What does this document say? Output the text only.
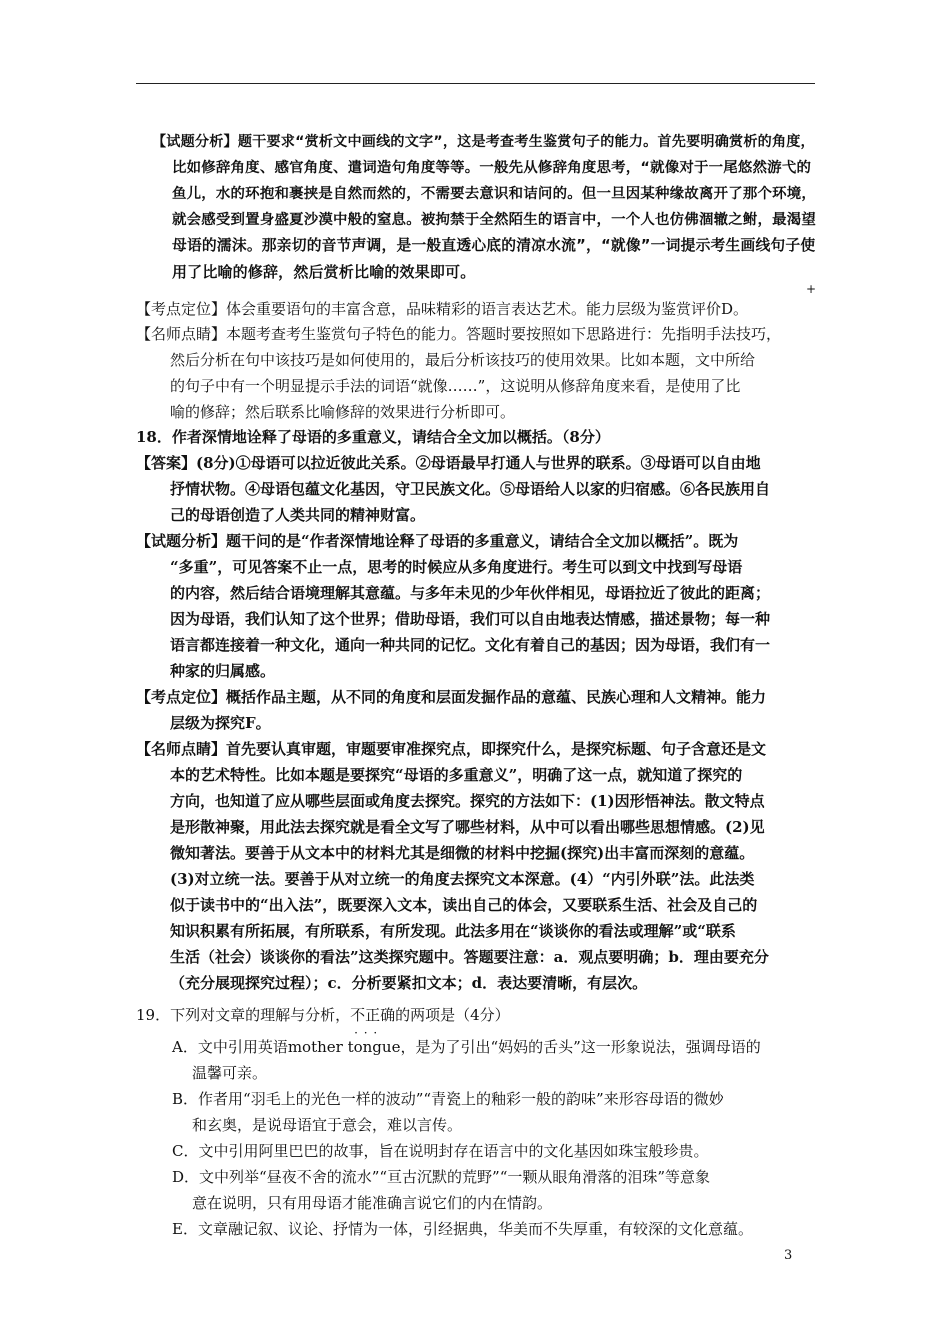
【试题分析】题干要求“赏析文中画线的文字”，这是考查考生鉴赏句子的能力。首先要明确赏析的角度，
比如修辞角度、感官角度、遣词造句角度等等。一般先从修辞角度思考，“就像对于一尾悠然游弋的
鱼儿，水的环抱和裹挟是自然而然的，不需要去意识和诘问的。但一旦因某种缘故离开了那个环境，
就会感受到置身盛夏沙漠中般的窒息。被拘禁于全然陌生的语言中，一个人也仿佛涸辙之鲋，最渴望
母语的濡沫。那亲切的音节声调，是一般直透心底的清凉水流”，“就像”一词提示考生画线句子使
用了比喻的修辞，然后赏析比喻的效果即可。
+
【考点定位】体会重要语句的丰富含意，品味精彩的语言表达艺术。能力层级为鉴赏评价D。
【名师点睛】本题考查考生鉴赏句子特色的能力。答题时要按照如下思路进行：先指明手法技巧，
然后分析在句中该技巧是如何使用的，最后分析该技巧的使用效果。比如本题，文中所给
的句子中有一个明显提示手法的词语“就像……”，这说明从修辞角度来看，是使用了比
喻的修辞；然后联系比喻修辞的效果进行分析即可。
18．作者深情地诠释了母语的多重意义，请结合全文加以概括。（8分）
【答案】(8分)①母语可以拉近彼此关系。②母语最早打通人与世界的联系。③母语可以自由地
抒情状物。④母语包蕴文化基因，守卫民族文化。⑤母语给人以家的归宿感。⑥各民族用自
己的母语创造了人类共同的精神财富。
【试题分析】题干问的是“作者深情地诠释了母语的多重意义，请结合全文加以概括”。既为
“多重”，可见答案不止一点，思考的时候应从多角度进行。考生可以到文中找到写母语
的内容，然后结合语境理解其意蕴。与多年未见的少年伙伴相见，母语拉近了彼此的距离；
因为母语，我们认知了这个世界；借助母语，我们可以自由地表达情感，描述景物；每一种
语言都连接着一种文化，通向一种共同的记忆。文化有着自己的基因；因为母语，我们有一
种家的归属感。
【考点定位】概括作品主题，从不同的角度和层面发掘作品的意蕴、民族心理和人文精神。能力
层级为探究F。
【名师点睛】首先要认真审题，审题要审准探究点，即探究什么，是探究标题、句子含意还是文
本的艺术特性。比如本题是要探究“母语的多重意义”，明确了这一点，就知道了探究的
方向，也知道了应从哪些层面或角度去探究。探究的方法如下：(1)因形悟神法。散文特点
是形散神聚，用此法去探究就是看全文写了哪些材料，从中可以看出哪些思想情感。(2)见
微知著法。要善于从文本中的材料尤其是细微的材料中挖掘(探究)出丰富而深刻的意蕴。
(3)对立统一法。要善于从对立统一的角度去探究文本深意。(4）“内引外联”法。此法类
似于读书中的“出入法”，既要深入文本，读出自己的体会，又要联系生活、社会及自己的
知识积累有所拓展，有所联系，有所发现。此法多用在“谈谈你的看法或理解”或“联系
生活（社会）谈谈你的看法”这类探究题中。答题要注意：a．观点要明确；b．理由要充分
（充分展现探究过程）；c．分析要紧扣文本；d．表达要清晰，有层次。
19．下列对文章的理解与分析，不正确 · · ·的两项是（4分）
A．文中引用英语mother tongue，是为了引出“妈妈的舌头”这一形象说法，强调母语的
温馨可亲。
B．作者用“羽毛上的光色一样的波动”“青瓷上的釉彩一般的韵味”来形容母语的微妙
和玄奥，是说母语宜于意会，难以言传。
C．文中引用阿里巴巴的故事，旨在说明封存在语言中的文化基因如珠宝般珍贵。
D．文中列举“昼夜不舍的流水”“亘古沉默的荒野”“一颗从眼角滑落的泪珠”等意象
意在说明，只有用母语才能准确言说它们的内在情韵。
E．文章融记叙、议论、抒情为一体，引经据典，华美而不失厚重，有较深的文化意蕴。
3
